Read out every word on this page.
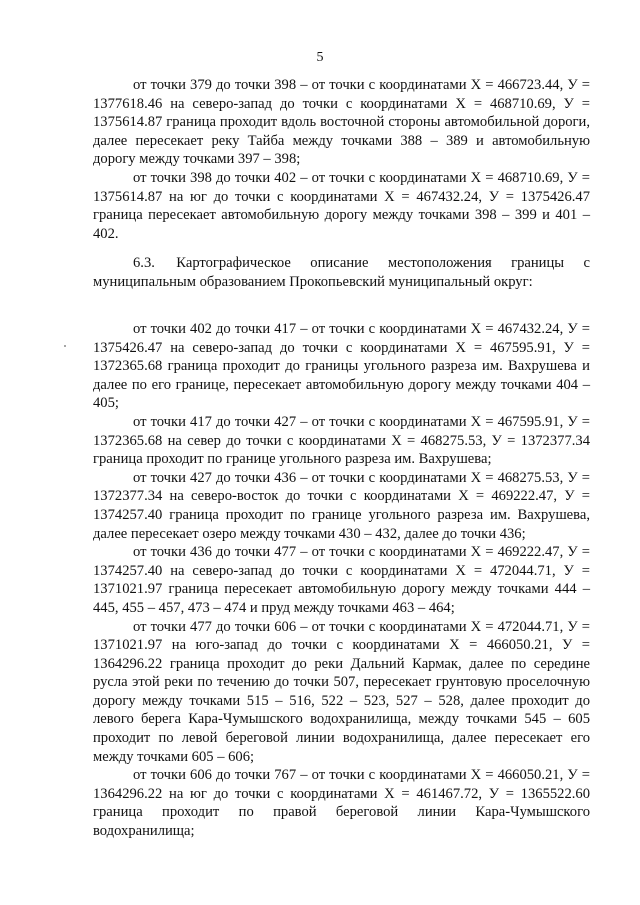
5

от точки 379 до точки 398 – от точки с координатами Х = 466723.44, У = 1377618.46 на северо-запад до точки с координатами Х = 468710.69, У = 1375614.87 граница проходит вдоль восточной стороны автомобильной дороги, далее пересекает реку Тайба между точками 388 – 389 и автомобильную дорогу между точками 397 – 398;

от точки 398 до точки 402 – от точки с координатами Х = 468710.69, У = 1375614.87 на юг до точки с координатами Х = 467432.24, У = 1375426.47 граница пересекает автомобильную дорогу между точками 398 – 399 и 401 – 402.

6.3. Картографическое описание местоположения границы с муниципальным образованием Прокопьевский муниципальный округ:

от точки 402 до точки 417 – от точки с координатами Х = 467432.24, У = 1375426.47 на северо-запад до точки с координатами Х = 467595.91, У = 1372365.68 граница проходит до границы угольного разреза им. Вахрушева и далее по его границе, пересекает автомобильную дорогу между точками 404 – 405;

от точки 417 до точки 427 – от точки с координатами Х = 467595.91, У = 1372365.68 на север до точки с координатами Х = 468275.53, У = 1372377.34 граница проходит по границе угольного разреза им. Вахрушева;

от точки 427 до точки 436 – от точки с координатами Х = 468275.53, У = 1372377.34 на северо-восток до точки с координатами Х = 469222.47, У = 1374257.40 граница проходит по границе угольного разреза им. Вахрушева, далее пересекает озеро между точками 430 – 432, далее до точки 436;

от точки 436 до точки 477 – от точки с координатами Х = 469222.47, У = 1374257.40 на северо-запад до точки с координатами Х = 472044.71, У = 1371021.97 граница пересекает автомобильную дорогу между точками 444 – 445, 455 – 457, 473 – 474 и пруд между точками 463 – 464;

от точки 477 до точки 606 – от точки с координатами Х = 472044.71, У = 1371021.97 на юго-запад до точки с координатами Х = 466050.21, У = 1364296.22 граница проходит до реки Дальний Кармак, далее по середине русла этой реки по течению до точки 507, пересекает грунтовую проселочную дорогу между точками 515 – 516, 522 – 523, 527 – 528, далее проходит до левого берега Кара-Чумышского водохранилища, между точками 545 – 605 проходит по левой береговой линии водохранилища, далее пересекает его между точками 605 – 606;

от точки 606 до точки 767 – от точки с координатами Х = 466050.21, У = 1364296.22 на юг до точки с координатами Х = 461467.72, У = 1365522.60 граница проходит по правой береговой линии Кара-Чумышского водохранилища;
